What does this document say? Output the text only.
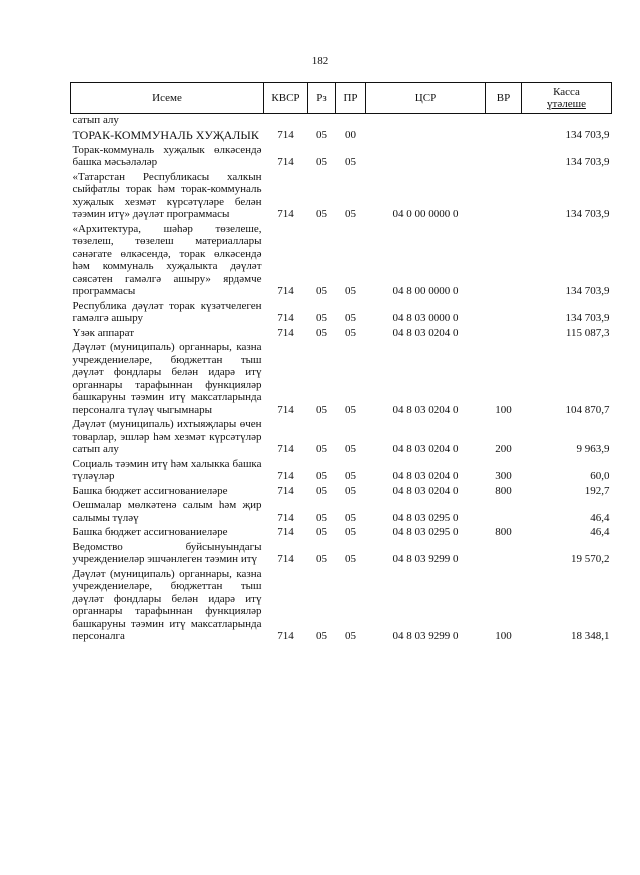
182
Исеме	КВСР	Рз	ПР	ЦСР	ВР	Касса
үтәлеше

сатып алу						
ТОРАК-КОММУНАЛЬ ХУҖАЛЫК	714	05	00			134 703,9
Торак-коммуналь хуҗалык өлкәсендә башка мәсьәләләр	714	05	05			134 703,9
«Татарстан Республикасы халкын сыйфатлы торак һәм торак-коммуналь хуҗалык хезмәт күрсәтүләре белән тәэмин итү» дәүләт программасы	714	05	05	04 0 00 0000 0		134 703,9
«Архитектура, шәһәр төзелеше, төзелеш, төзелеш материаллары сәнәгате өлкәсендә, торак өлкәсендә һәм коммуналь хуҗалыкта дәүләт сәясәтен гамәлгә ашыру» ярдәмче программасы	714	05	05	04 8 00 0000 0		134 703,9
Республика дәүләт торак күзәтчелеген гамәлгә ашыру	714	05	05	04 8 03 0000 0		134 703,9
Үзәк аппарат	714	05	05	04 8 03 0204 0		115 087,3
Дәүләт (муниципаль) органнары, казна учреждениеләре, бюджеттан тыш дәүләт фондлары белән идарә итү органнары тарафыннан функцияләр башкаруны тәэмин итү максатларында персоналга түләү чыгымнары	714	05	05	04 8 03 0204 0	100	104 870,7
Дәүләт (муниципаль) ихтыяҗлары өчен товарлар, эшләр һәм хезмәт күрсәтүләр сатып алу	714	05	05	04 8 03 0204 0	200	9 963,9
Социаль тәэмин итү һәм халыкка башка түләүләр	714	05	05	04 8 03 0204 0	300	60,0
Башка бюджет ассигнованиеләре	714	05	05	04 8 03 0204 0	800	192,7
Оешмалар мөлкәтенә салым һәм җир салымы түләү	714	05	05	04 8 03 0295 0		46,4
Башка бюджет ассигнованиеләре	714	05	05	04 8 03 0295 0	800	46,4
Ведомство буйсынуындагы учреждениеләр эшчәнлеген тәэмин итү	714	05	05	04 8 03 9299 0		19 570,2
Дәүләт (муниципаль) органнары, казна учреждениеләре, бюджеттан тыш дәүләт фондлары белән идарә итү органнары тарафыннан функцияләр башкаруны тәэмин итү максатларында персоналга	714	05	05	04 8 03 9299 0	100	18 348,1
